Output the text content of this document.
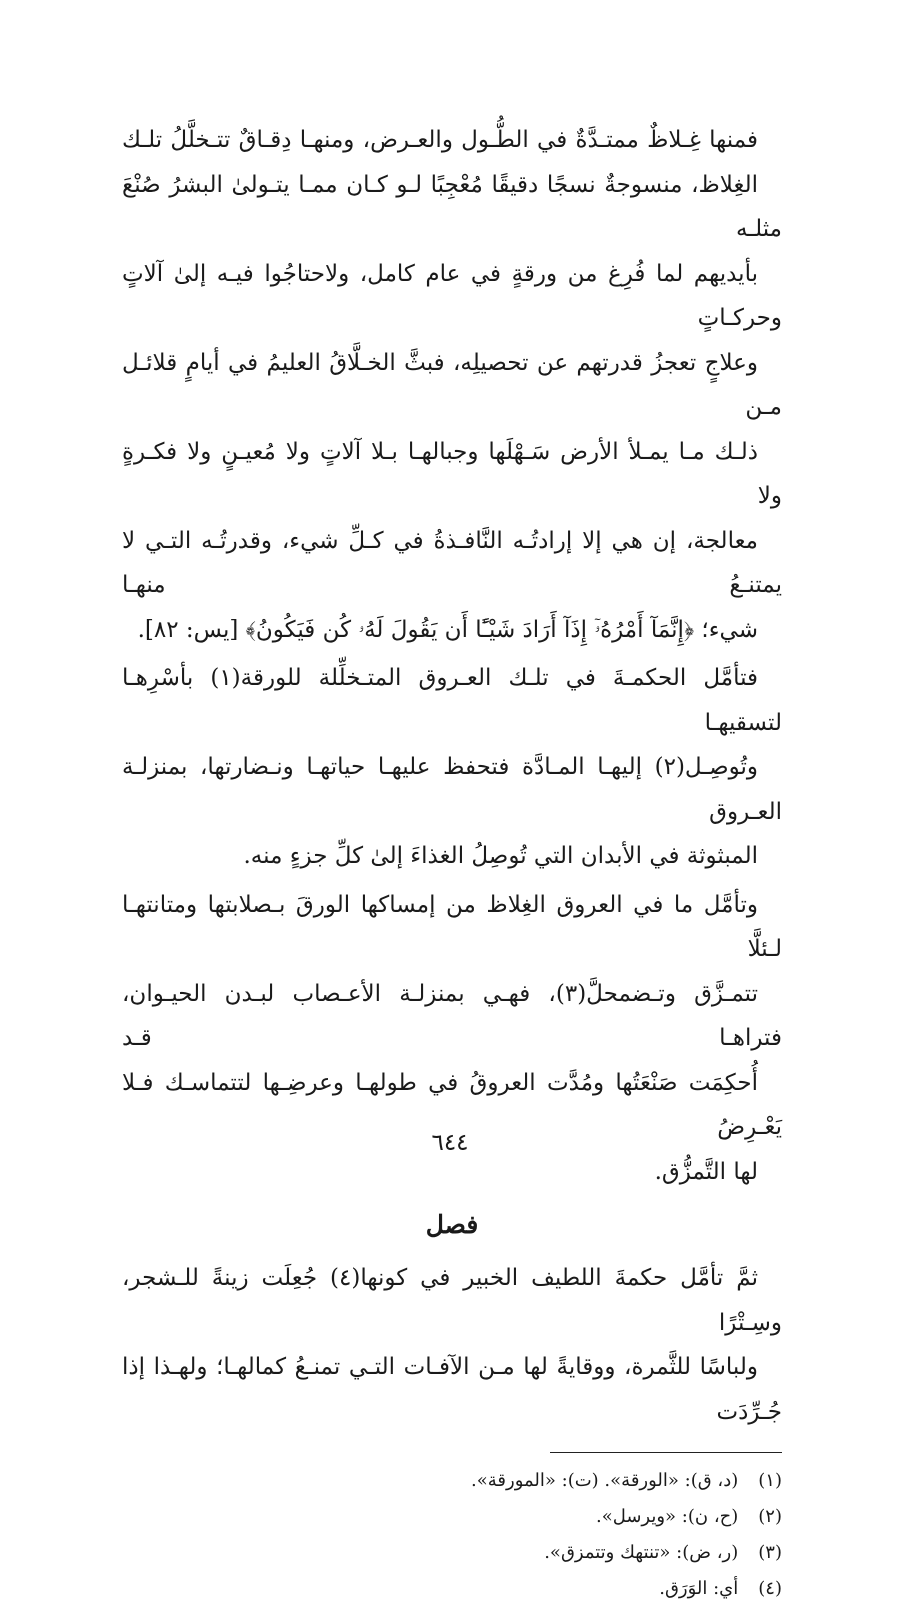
فمنها غِـلاظٌ ممتـدَّةٌ في الطُّـول والعـرض، ومنهـا دِقـاقٌ تتـخلَّلُ تلـك
الغِلاظ، منسوجةٌ نسجًا دقيقًا مُعْجِبًا لـو كـان ممـا يتـولىٰ البشرُ صُنْعَ مثلـه
بأيديهم لما فُرِغ من ورقةٍ في عام كامل، ولاحتاجُوا فيـه إلىٰ آلاتٍ وحركـاتٍ
وعلاجٍ تعجزُ قدرتهم عن تحصيلِه، فبثَّ الخـلَّاقُ العليمُ في أيامٍ قلائـل مـن
ذلـك مـا يمـلأ الأرض سَـهْلَها وجبالهـا بـلا آلاتٍ ولا مُعيـنٍ ولا فكـرةٍ ولا
معالجة، إن هي إلا إرادتُـه النَّافـذةُ في كـلِّ شيء، وقدرتُـه التـي لا يمتنـعُ منهـا
شيء؛ ﴿إِنَّمَآ أَمْرُهُۥٓ إِذَآ أَرَادَ شَيْـًٔا أَن يَقُولَ لَهُۥ كُن فَيَكُونُ﴾ [يس: ٨٢].

فتأمَّل الحكمـةَ في تلـك العـروق المتـخلِّلة للورقة(١) بأسْرِهـا لتسقيهـا
وتُوصِـل(٢) إليهـا المـادَّة فتحفظ عليهـا حياتهـا ونـضارتها، بمنزلـة العـروق
المبثوثة في الأبدان التي تُوصِلُ الغذاءَ إلىٰ كلِّ جزءٍ منه.

وتأمَّل ما في العروق الغِلاظ من إمساكها الورقَ بـصلابتها ومتانتهـا لـئلَّا
تتمـزَّق وتـضمحلَّ(٣)، فهـي بمنزلـة الأعـصاب لبـدن الحيـوان، فتراهـا قـد
أُحكِمَت صَنْعَتُها ومُدَّت العروقُ في طولهـا وعرضِـها لتتماسـك فـلا يَعْـرِضُ
لها التَّمزُّق.

فصل

ثمَّ تأمَّل حكمةَ اللطيف الخبير في كونها(٤) جُعِلَت زينةً للـشجر، وسِـتْرًا
ولباسًا للثَّمرة، ووقايةً لها مـن الآفـات التـي تمنـعُ كمالهـا؛ ولهـذا إذا جُـرِّدَت

(١) (د، ق): «الورقة». (ت): «المورقة».
(٢) (ح، ن): «ويرسل».
(٣) (ر، ض): «تنتهك وتتمزق».
(٤) أي: الوَرَق.
٦٤٤
